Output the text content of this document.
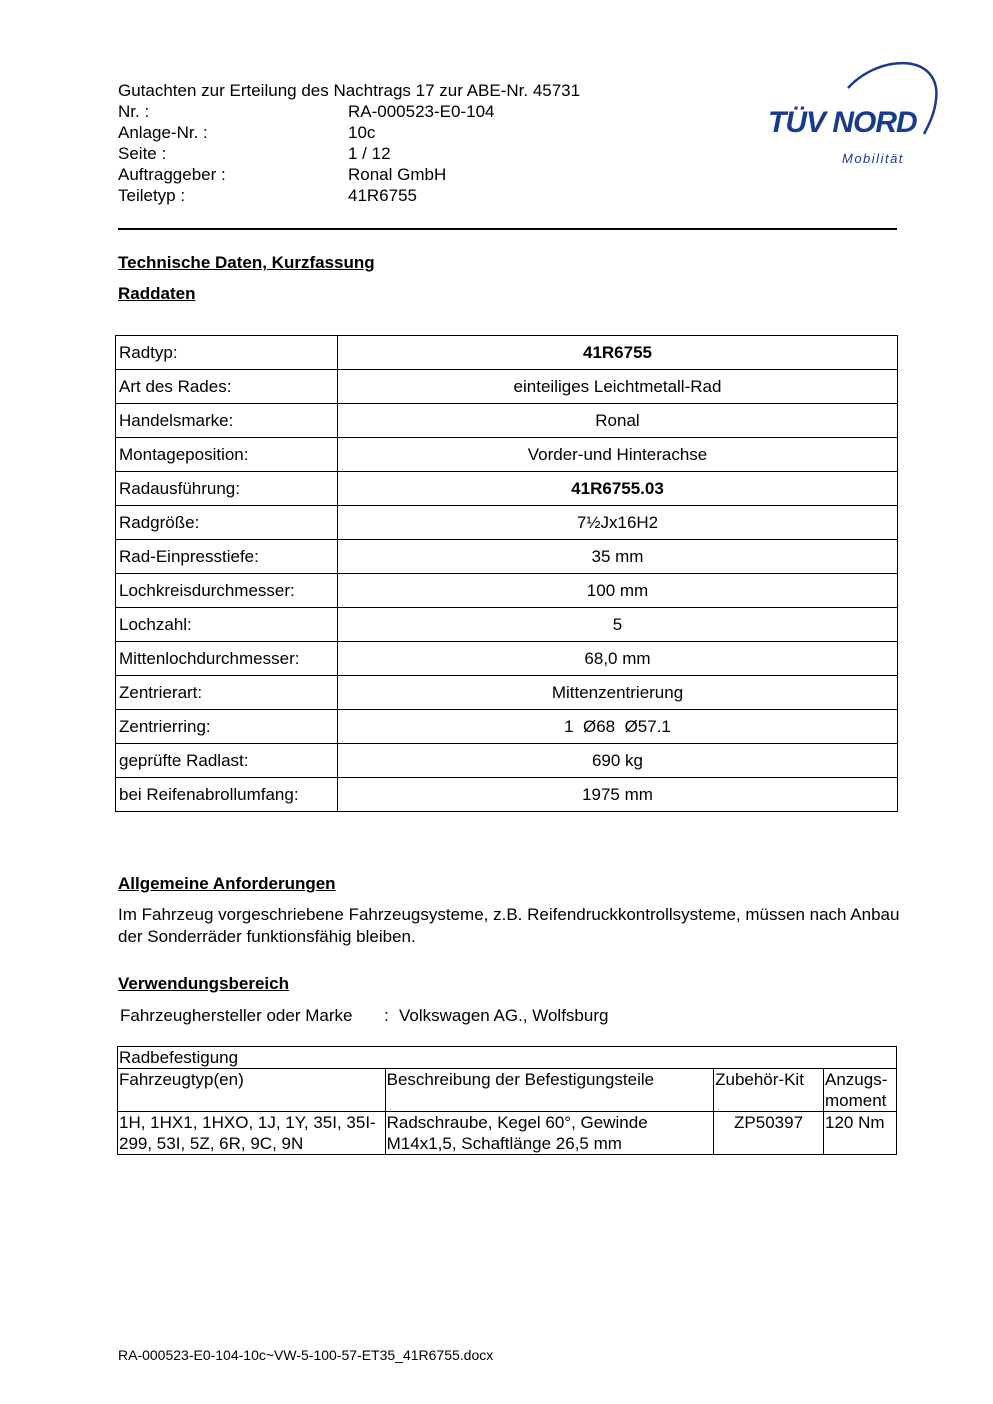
Gutachten zur Erteilung des Nachtrags 17 zur ABE-Nr. 45731
Nr. :	RA-000523-E0-104
Anlage-Nr. :	10c
Seite :	1 / 12
Auftraggeber :	Ronal GmbH
Teiletyp :	41R6755
TÜV NORD
Mobilität
Technische Daten, Kurzfassung
Raddaten
Radtyp:	41R6755
Art des Rades:	einteiliges Leichtmetall-Rad
Handelsmarke:	Ronal
Montageposition:	Vorder-und Hinterachse
Radausführung:	41R6755.03
Radgröße:	7½Jx16H2
Rad-Einpresstiefe:	35 mm
Lochkreisdurchmesser:	100 mm
Lochzahl:	5
Mittenlochdurchmesser:	68,0 mm
Zentrierart:	Mittenzentrierung
Zentrierring:	1  Ø68  Ø57.1
geprüfte Radlast:	690 kg
bei Reifenabrollumfang:	1975 mm
Allgemeine Anforderungen
Im Fahrzeug vorgeschriebene Fahrzeugsysteme, z.B. Reifendruckkontrollsysteme, müssen nach Anbau der Sonderräder funktionsfähig bleiben.
Verwendungsbereich
Fahrzeughersteller oder Marke : Volkswagen AG., Wolfsburg
Radbefestigung			
Fahrzeugtyp(en)	Beschreibung der Befestigungsteile	Zubehör-Kit	Anzugs-moment
1H, 1HX1, 1HXO, 1J, 1Y, 35I, 35I-299, 53I, 5Z, 6R, 9C, 9N	Radschraube, Kegel 60°, Gewinde M14x1,5, Schaftlänge 26,5 mm	ZP50397	120 Nm
RA-000523-E0-104-10c~VW-5-100-57-ET35_41R6755.docx
